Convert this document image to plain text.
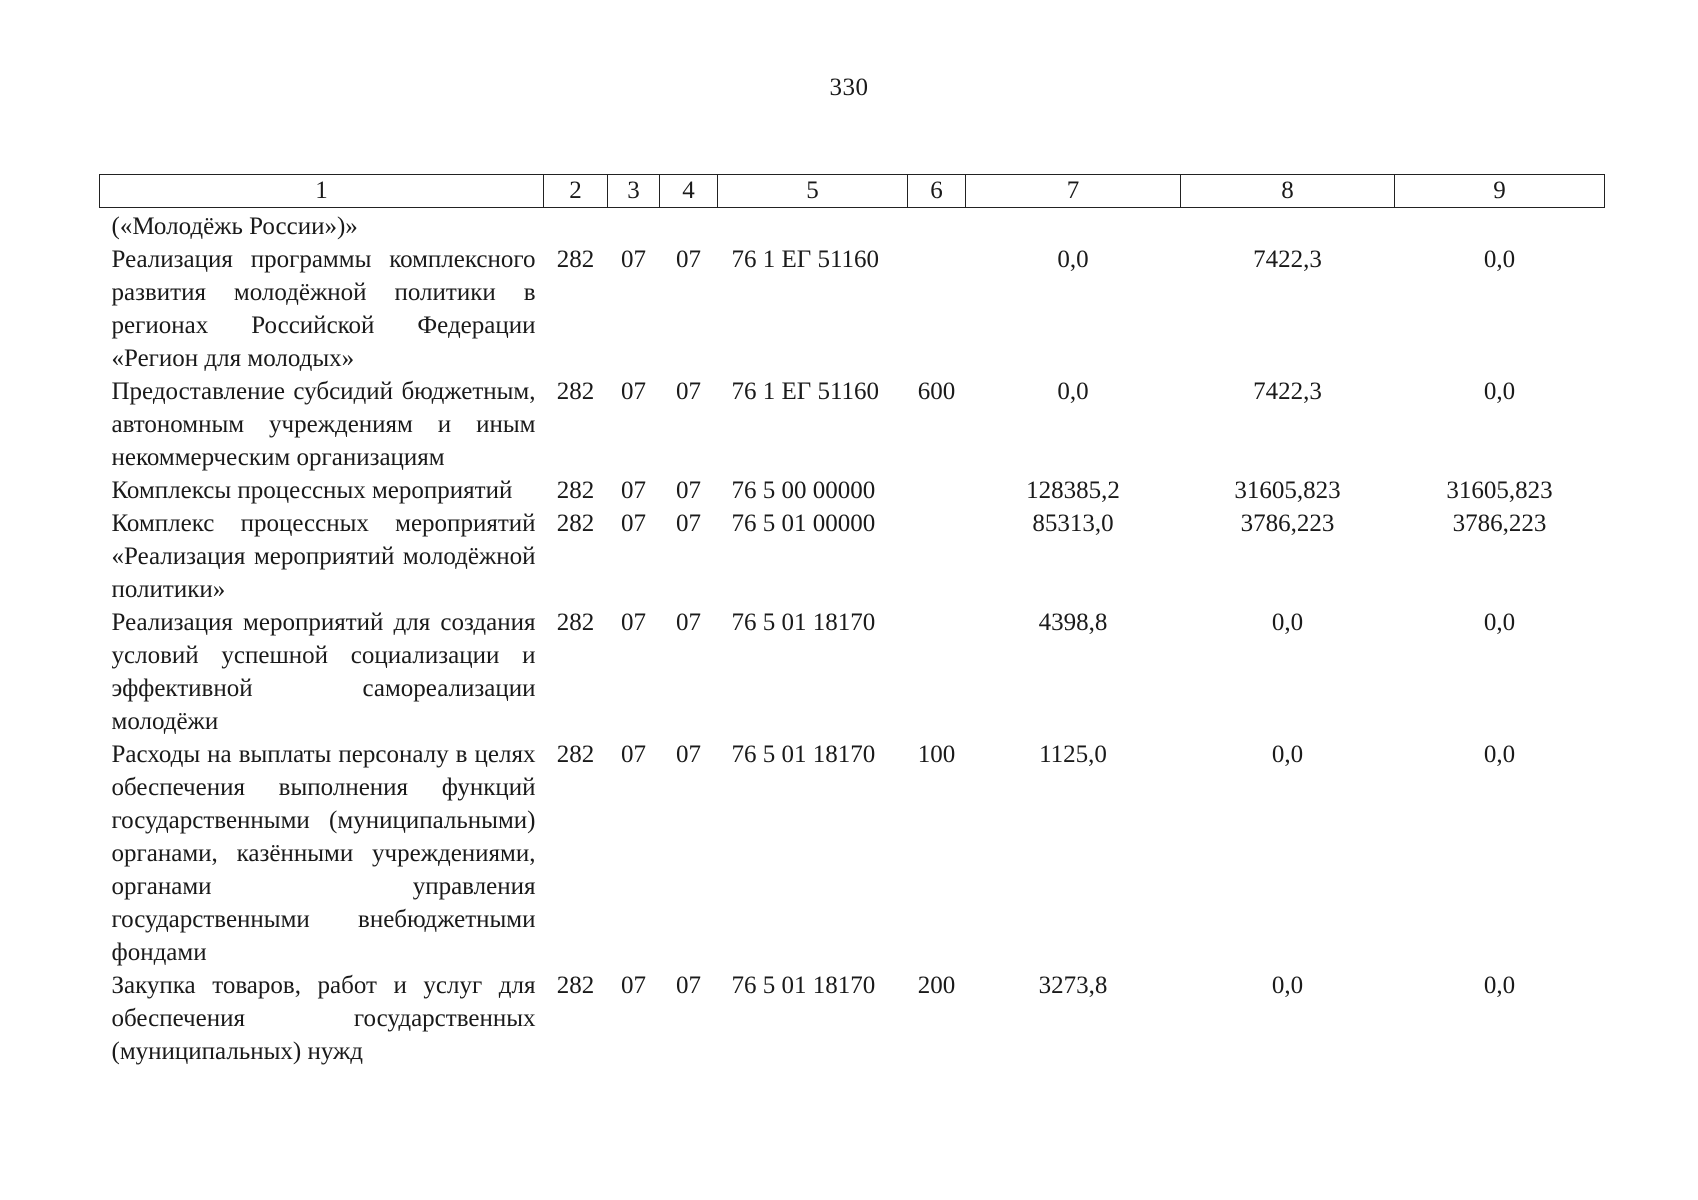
330
1	2	3	4	5	6	7	8	9
(«Молодёжь России»)»								
Реализация программы комплексного развития молодёжной политики в регионах Российской Федерации «Регион для молодых»	282	07	07	76 1 ЕГ 51160		0,0	7422,3	0,0
Предоставление субсидий бюджетным, автономным учреждениям и иным некоммерческим организациям	282	07	07	76 1 ЕГ 51160	600	0,0	7422,3	0,0
Комплексы процессных мероприятий	282	07	07	76 5 00 00000		128385,2	31605,823	31605,823
Комплекс процессных мероприятий «Реализация мероприятий молодёжной политики»	282	07	07	76 5 01 00000		85313,0	3786,223	3786,223
Реализация мероприятий для создания условий успешной социализации и эффективной самореализации молодёжи	282	07	07	76 5 01 18170		4398,8	0,0	0,0
Расходы на выплаты персоналу в целях обеспечения выполнения функций государственными (муниципальными) органами, казёнными учреждениями, органами управления государственными внебюджетными фондами	282	07	07	76 5 01 18170	100	1125,0	0,0	0,0
Закупка товаров, работ и услуг для обеспечения государственных (муниципальных) нужд	282	07	07	76 5 01 18170	200	3273,8	0,0	0,0
